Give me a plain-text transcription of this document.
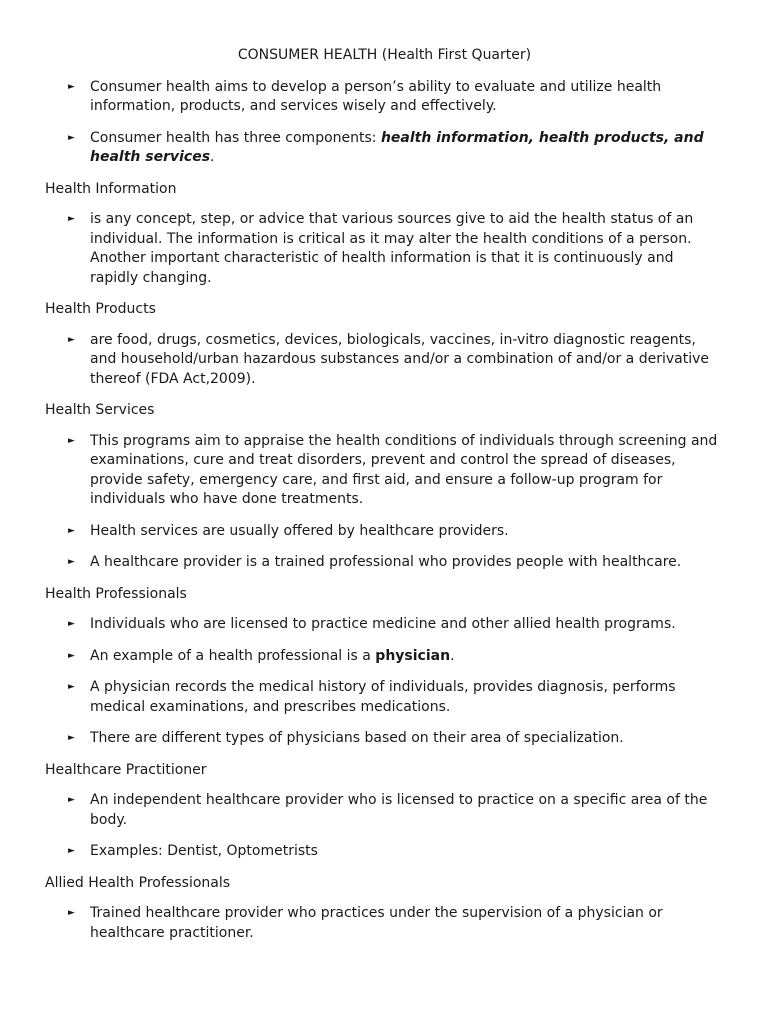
CONSUMER HEALTH (Health First Quarter)
► Consumer health aims to develop a person’s ability to evaluate and utilize health information, products, and services wisely and effectively.
► Consumer health has three components: health information, health products, and health services.
Health Information
► is any concept, step, or advice that various sources give to aid the health status of an individual. The information is critical as it may alter the health conditions of a person. Another important characteristic of health information is that it is continuously and rapidly changing.
Health Products
► are food, drugs, cosmetics, devices, biologicals, vaccines, in-vitro diagnostic reagents, and household/urban hazardous substances and/or a combination of and/or a derivative thereof (FDA Act,2009).
Health Services
► This programs aim to appraise the health conditions of individuals through screening and examinations, cure and treat disorders, prevent and control the spread of diseases, provide safety, emergency care, and first aid, and ensure a follow-up program for individuals who have done treatments.
► Health services are usually offered by healthcare providers.
► A healthcare provider is a trained professional who provides people with healthcare.
Health Professionals
► Individuals who are licensed to practice medicine and other allied health programs.
► An example of a health professional is a physician.
► A physician records the medical history of individuals, provides diagnosis, performs medical examinations, and prescribes medications.
► There are different types of physicians based on their area of specialization.
Healthcare Practitioner
► An independent healthcare provider who is licensed to practice on a specific area of the body.
► Examples: Dentist, Optometrists
Allied Health Professionals
► Trained healthcare provider who practices under the supervision of a physician or healthcare practitioner.
